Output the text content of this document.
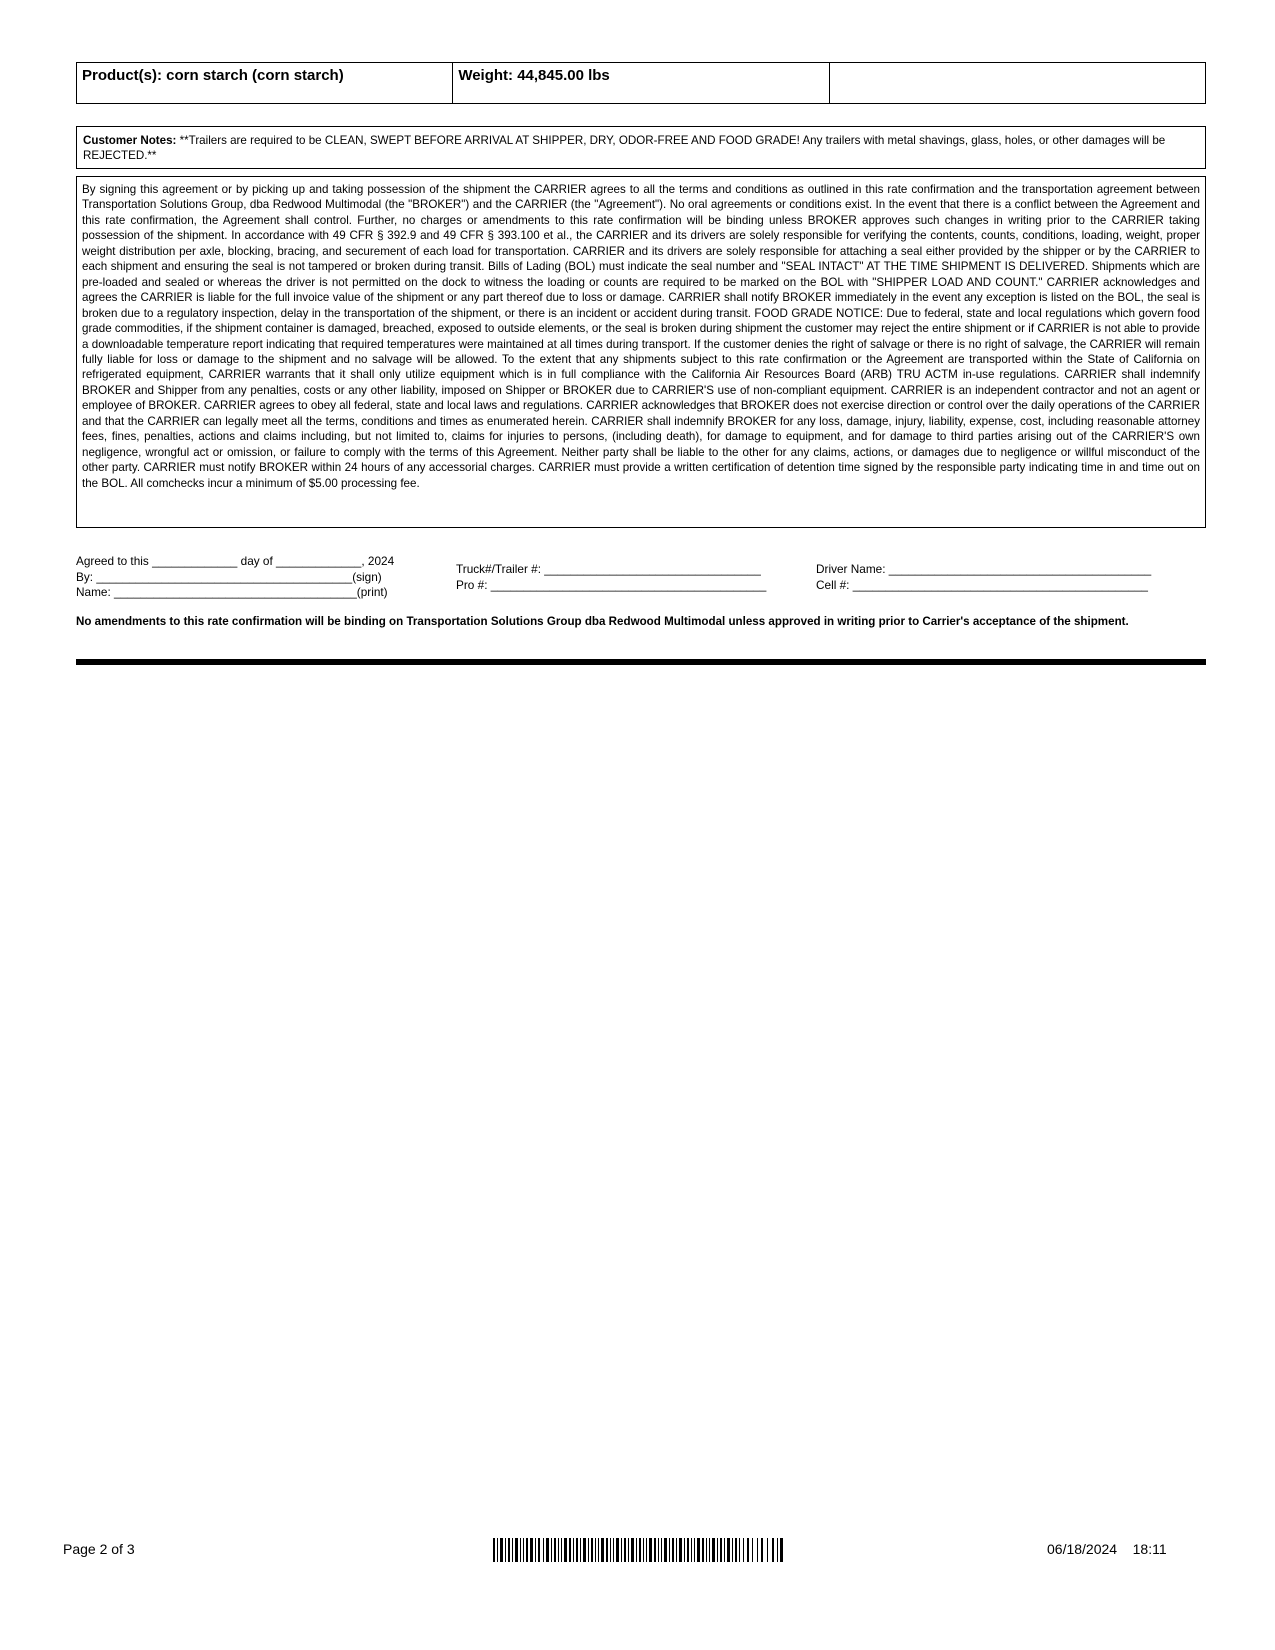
Product(s): corn starch (corn starch)	Weight: 44,845.00 lbs
Customer Notes: **Trailers are required to be CLEAN, SWEPT BEFORE ARRIVAL AT SHIPPER, DRY, ODOR-FREE AND FOOD GRADE! Any trailers with metal shavings, glass, holes, or other damages will be REJECTED.**
By signing this agreement or by picking up and taking possession of the shipment the CARRIER agrees to all the terms and conditions as outlined in this rate confirmation and the transportation agreement between Transportation Solutions Group, dba Redwood Multimodal (the "BROKER") and the CARRIER (the "Agreement"). No oral agreements or conditions exist. In the event that there is a conflict between the Agreement and this rate confirmation, the Agreement shall control. Further, no charges or amendments to this rate confirmation will be binding unless BROKER approves such changes in writing prior to the CARRIER taking possession of the shipment. In accordance with 49 CFR § 392.9 and 49 CFR § 393.100 et al., the CARRIER and its drivers are solely responsible for verifying the contents, counts, conditions, loading, weight, proper weight distribution per axle, blocking, bracing, and securement of each load for transportation. CARRIER and its drivers are solely responsible for attaching a seal either provided by the shipper or by the CARRIER to each shipment and ensuring the seal is not tampered or broken during transit. Bills of Lading (BOL) must indicate the seal number and "SEAL INTACT" AT THE TIME SHIPMENT IS DELIVERED. Shipments which are pre-loaded and sealed or whereas the driver is not permitted on the dock to witness the loading or counts are required to be marked on the BOL with "SHIPPER LOAD AND COUNT." CARRIER acknowledges and agrees the CARRIER is liable for the full invoice value of the shipment or any part thereof due to loss or damage. CARRIER shall notify BROKER immediately in the event any exception is listed on the BOL, the seal is broken due to a regulatory inspection, delay in the transportation of the shipment, or there is an incident or accident during transit. FOOD GRADE NOTICE: Due to federal, state and local regulations which govern food grade commodities, if the shipment container is damaged, breached, exposed to outside elements, or the seal is broken during shipment the customer may reject the entire shipment or if CARRIER is not able to provide a downloadable temperature report indicating that required temperatures were maintained at all times during transport. If the customer denies the right of salvage or there is no right of salvage, the CARRIER will remain fully liable for loss or damage to the shipment and no salvage will be allowed. To the extent that any shipments subject to this rate confirmation or the Agreement are transported within the State of California on refrigerated equipment, CARRIER warrants that it shall only utilize equipment which is in full compliance with the California Air Resources Board (ARB) TRU ACTM in-use regulations. CARRIER shall indemnify BROKER and Shipper from any penalties, costs or any other liability, imposed on Shipper or BROKER due to CARRIER'S use of non-compliant equipment. CARRIER is an independent contractor and not an agent or employee of BROKER. CARRIER agrees to obey all federal, state and local laws and regulations. CARRIER acknowledges that BROKER does not exercise direction or control over the daily operations of the CARRIER and that the CARRIER can legally meet all the terms, conditions and times as enumerated herein. CARRIER shall indemnify BROKER for any loss, damage, injury, liability, expense, cost, including reasonable attorney fees, fines, penalties, actions and claims including, but not limited to, claims for injuries to persons, (including death), for damage to equipment, and for damage to third parties arising out of the CARRIER'S own negligence, wrongful act or omission, or failure to comply with the terms of this Agreement. Neither party shall be liable to the other for any claims, actions, or damages due to negligence or willful misconduct of the other party. CARRIER must notify BROKER within 24 hours of any accessorial charges. CARRIER must provide a written certification of detention time signed by the responsible party indicating time in and time out on the BOL. All comchecks incur a minimum of $5.00 processing fee.
Agreed to this _____________ day of _____________, 2024
By: _______________________________________(sign)
Name: _____________________________________(print)
Truck#/Trailer #: _________________________________
Pro #: __________________________________________
Driver Name: ________________________________________
Cell #: _____________________________________________
No amendments to this rate confirmation will be binding on Transportation Solutions Group dba Redwood Multimodal unless approved in writing prior to Carrier's acceptance of the shipment.
Page 2 of 3	06/18/2024    18:11
